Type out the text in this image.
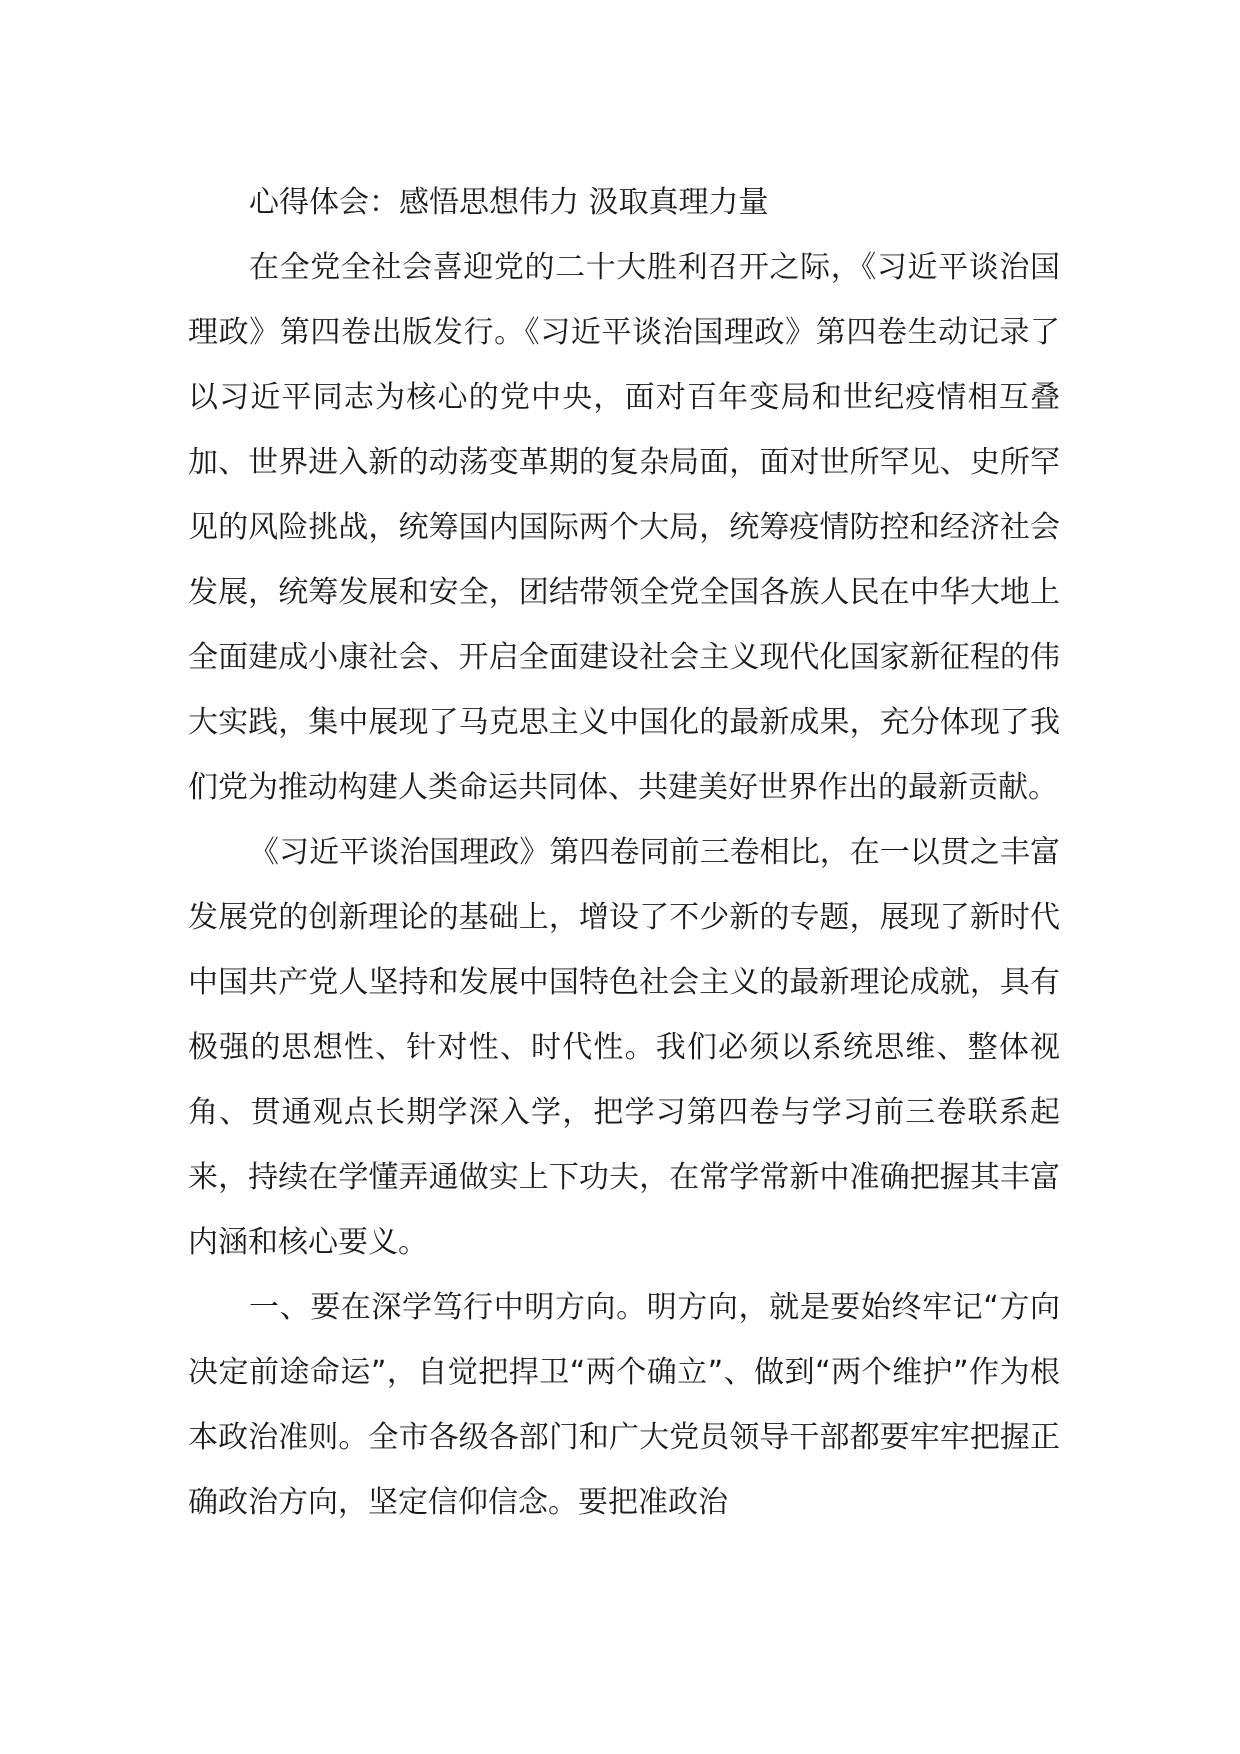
心得体会：感悟思想伟力 汲取真理力量

在全党全社会喜迎党的二十大胜利召开之际，《习近平谈治国理政》第四卷出版发行。《习近平谈治国理政》第四卷生动记录了以习近平同志为核心的党中央，面对百年变局和世纪疫情相互叠加、世界进入新的动荡变革期的复杂局面，面对世所罕见、史所罕见的风险挑战，统筹国内国际两个大局，统筹疫情防控和经济社会发展，统筹发展和安全，团结带领全党全国各族人民在中华大地上全面建成小康社会、开启全面建设社会主义现代化国家新征程的伟大实践，集中展现了马克思主义中国化的最新成果，充分体现了我们党为推动构建人类命运共同体、共建美好世界作出的最新贡献。

《习近平谈治国理政》第四卷同前三卷相比，在一以贯之丰富发展党的创新理论的基础上，增设了不少新的专题，展现了新时代中国共产党人坚持和发展中国特色社会主义的最新理论成就，具有极强的思想性、针对性、时代性。我们必须以系统思维、整体视角、贯通观点长期学深入学，把学习第四卷与学习前三卷联系起来，持续在学懂弄通做实上下功夫，在常学常新中准确把握其丰富内涵和核心要义。

一、要在深学笃行中明方向。明方向，就是要始终牢记“方向决定前途命运”，自觉把捍卫“两个确立”、做到“两个维护”作为根本政治准则。全市各级各部门和广大党员领导干部都要牢牢把握正确政治方向，坚定信仰信念。要把准政治
